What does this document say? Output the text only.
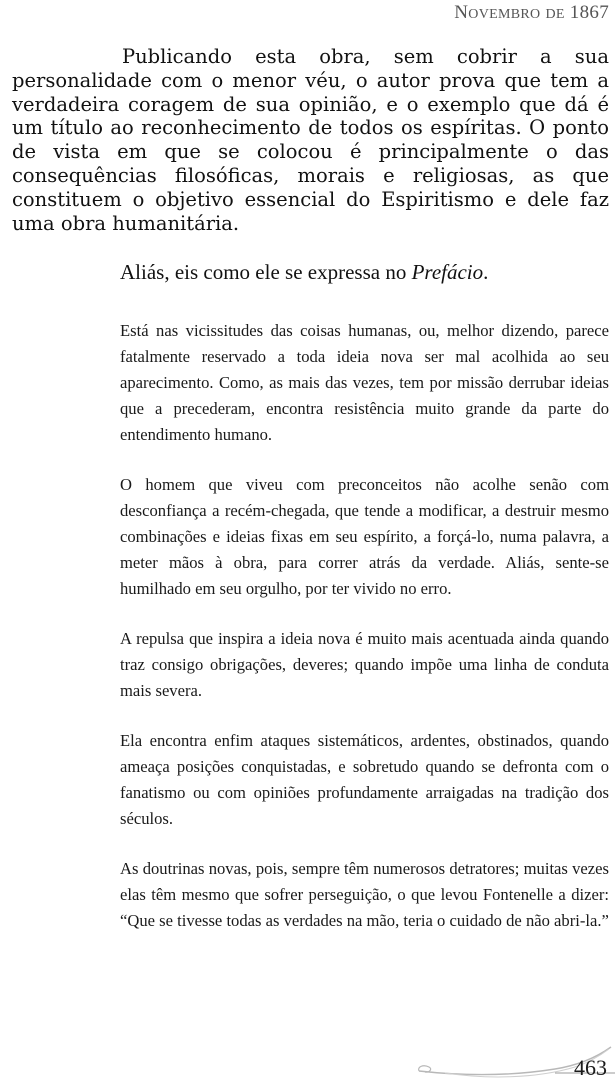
NOVEMBRO DE 1867

Publicando esta obra, sem cobrir a sua personalidade com o menor véu, o autor prova que tem a verdadeira coragem de sua opinião, e o exemplo que dá é um título ao reconhecimento de todos os espíritas. O ponto de vista em que se colocou é principalmente o das consequências filosóficas, morais e religiosas, as que constituem o objetivo essencial do Espiritismo e dele faz uma obra humanitária.

Aliás, eis como ele se expressa no Prefácio.

Está nas vicissitudes das coisas humanas, ou, melhor dizendo, parece fatalmente reservado a toda ideia nova ser mal acolhida ao seu aparecimento. Como, as mais das vezes, tem por missão derrubar ideias que a precederam, encontra resistência muito grande da parte do entendimento humano.

O homem que viveu com preconceitos não acolhe senão com desconfiança a recém-chegada, que tende a modificar, a destruir mesmo combinações e ideias fixas em seu espírito, a forçá-lo, numa palavra, a meter mãos à obra, para correr atrás da verdade. Aliás, sente-se humilhado em seu orgulho, por ter vivido no erro.

A repulsa que inspira a ideia nova é muito mais acentuada ainda quando traz consigo obrigações, deveres; quando impõe uma linha de conduta mais severa.

Ela encontra enfim ataques sistemáticos, ardentes, obstinados, quando ameaça posições conquistadas, e sobretudo quando se defronta com o fanatismo ou com opiniões profundamente arraigadas na tradição dos séculos.

As doutrinas novas, pois, sempre têm numerosos detratores; muitas vezes elas têm mesmo que sofrer perseguição, o que levou Fontenelle a dizer: “Que se tivesse todas as verdades na mão, teria o cuidado de não abri-la.”

463
